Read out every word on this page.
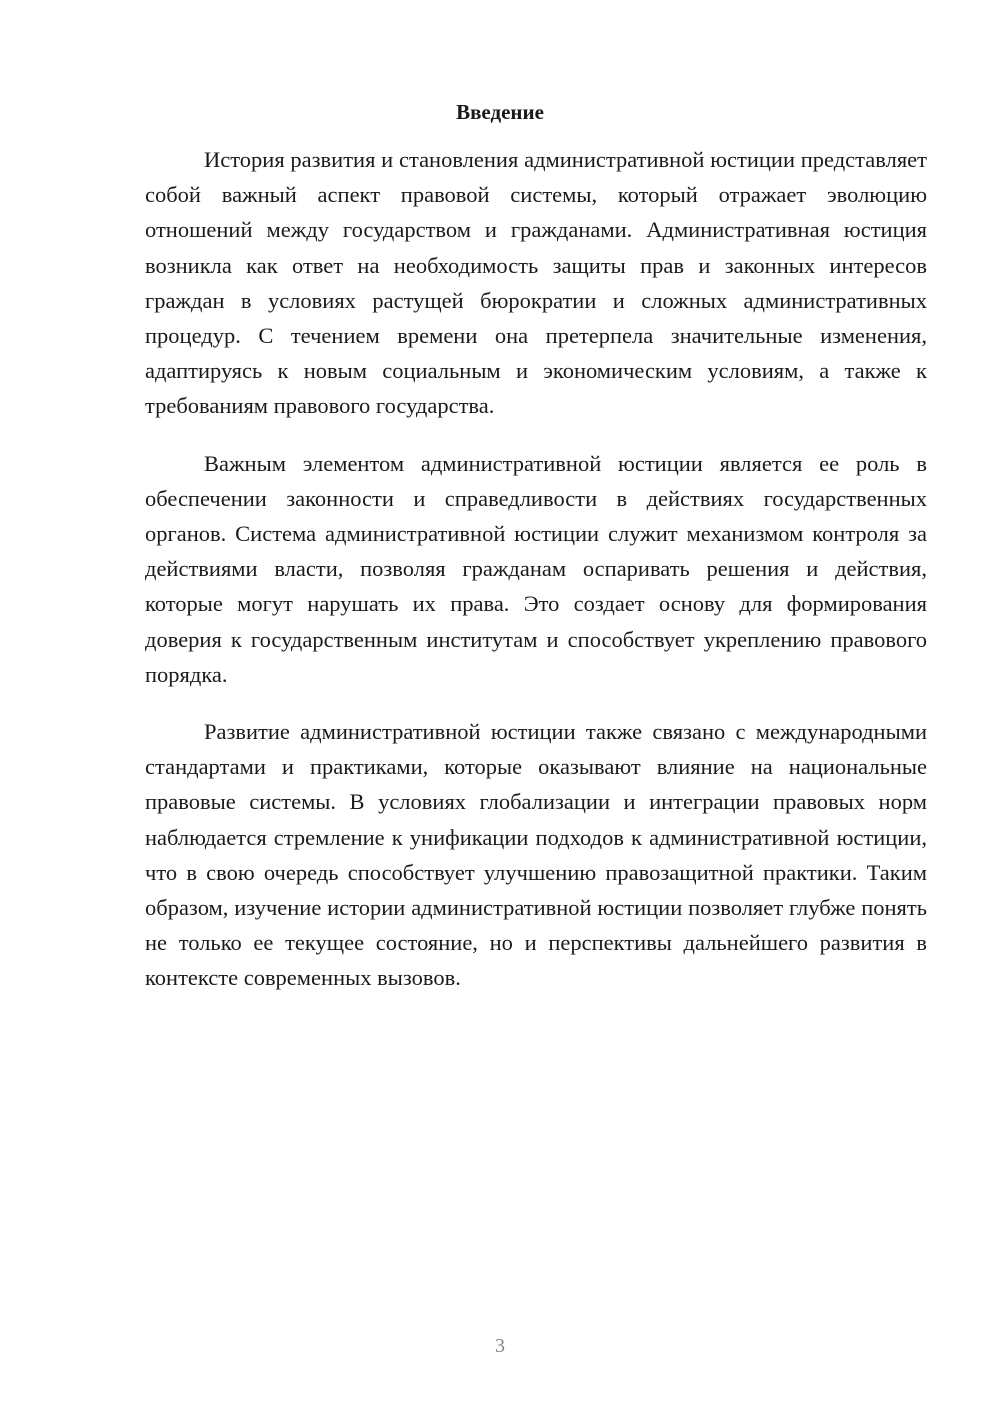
Введение

История развития и становления административной юстиции представляет собой важный аспект правовой системы, который отражает эволюцию отношений между государством и гражданами. Административная юстиция возникла как ответ на необходимость защиты прав и законных интересов граждан в условиях растущей бюрократии и сложных административных процедур. С течением времени она претерпела значительные изменения, адаптируясь к новым социальным и экономическим условиям, а также к требованиям правового государства.

Важным элементом административной юстиции является ее роль в обеспечении законности и справедливости в действиях государственных органов. Система административной юстиции служит механизмом контроля за действиями власти, позволяя гражданам оспаривать решения и действия, которые могут нарушать их права. Это создает основу для формирования доверия к государственным институтам и способствует укреплению правового порядка.

Развитие административной юстиции также связано с международными стандартами и практиками, которые оказывают влияние на национальные правовые системы. В условиях глобализации и интеграции правовых норм наблюдается стремление к унификации подходов к административной юстиции, что в свою очередь способствует улучшению правозащитной практики. Таким образом, изучение истории административной юстиции позволяет глубже понять не только ее текущее состояние, но и перспективы дальнейшего развития в контексте современных вызовов.

3
